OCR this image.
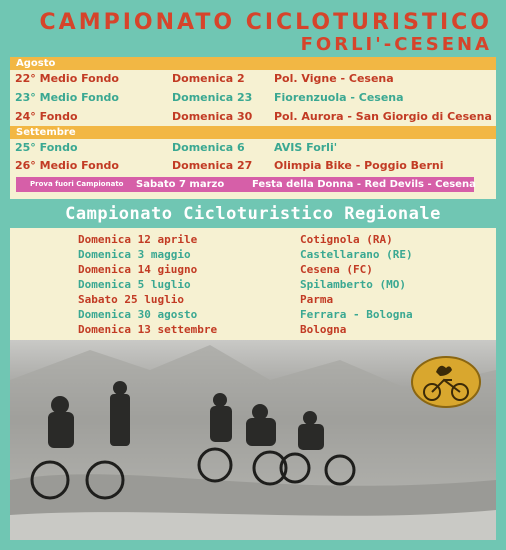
CAMPIONATO CICLOTURISTICO
FORLI'-CESENA
Agosto
22° Medio Fondo	Domenica 2	Pol. Vigne - Cesena
23° Medio Fondo	Domenica 23 Fiorenzuola - Cesena
24° Fondo	Domenica 30 Pol. Aurora - San Giorgio di Cesena
Settembre
25° Fondo	Domenica 6	AVIS Forli'
26° Medio Fondo	Domenica 27 Olimpia Bike - Poggio Berni
Prova fuori Campionato Sabato 7 marzo	Festa della Donna - Red Devils - Cesena
Campionato Cicloturistico Regionale
Domenica 12 aprile	Cotignola (RA)
Domenica 3 maggio	Castellarano (RE)
Domenica 14 giugno	Cesena (FC)
Domenica 5 luglio	Spilamberto (MO)
Sabato 25 luglio	Parma
Domenica 30 agosto	Ferrara - Bologna
Domenica 13 settembre	Bologna
